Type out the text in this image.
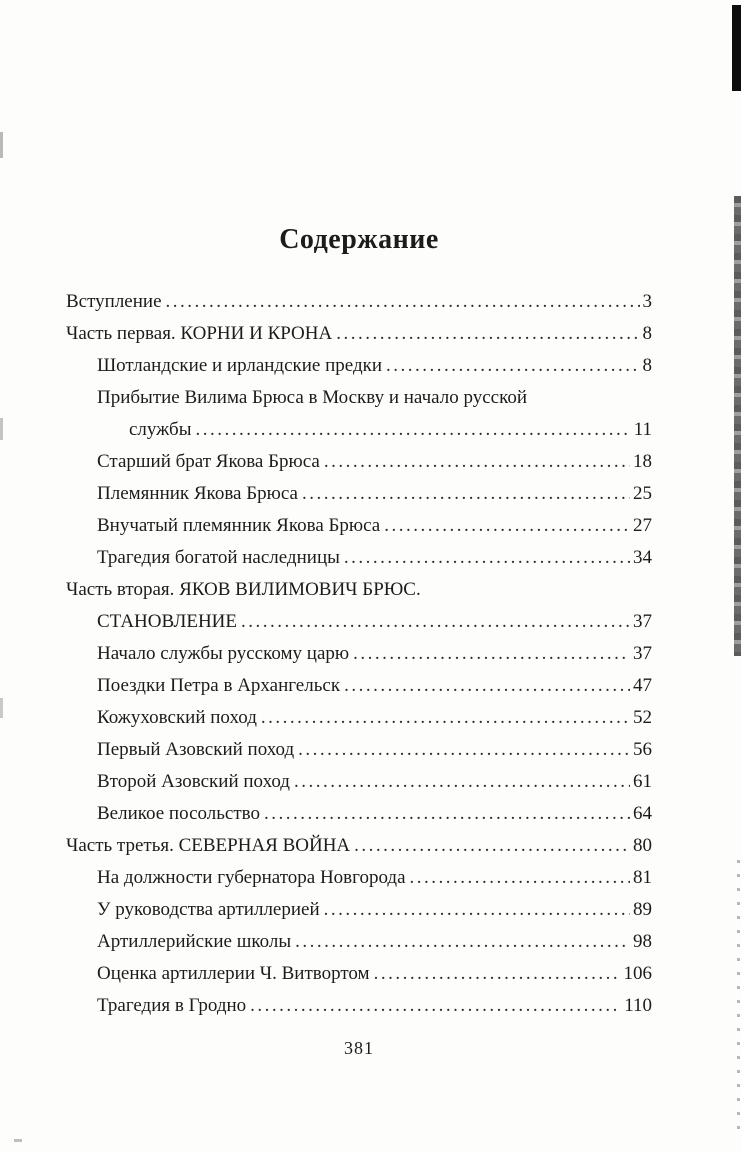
Содержание
Вступление .....	3
Часть первая. КОРНИ И КРОНА .....	8
Шотландские и ирландские предки .....	8
Прибытие Вилима Брюса в Москву и начало русской
службы .....	11
Старший брат Якова Брюса .....	18
Племянник Якова Брюса .....	25
Внучатый племянник Якова Брюса .....	27
Трагедия богатой наследницы .....	34
Часть вторая. ЯКОВ ВИЛИМОВИЧ БРЮС.
СТАНОВЛЕНИЕ .....	37
Начало службы русскому царю .....	37
Поездки Петра в Архангельск .....	47
Кожуховский поход .....	52
Первый Азовский поход .....	56
Второй Азовский поход .....	61
Великое посольство .....	64
Часть третья. СЕВЕРНАЯ ВОЙНА .....	80
На должности губернатора Новгорода .....	81
У руководства артиллерией .....	89
Артиллерийские школы .....	98
Оценка артиллерии Ч. Витвортом .....	106
Трагедия в Гродно .....	110
381
